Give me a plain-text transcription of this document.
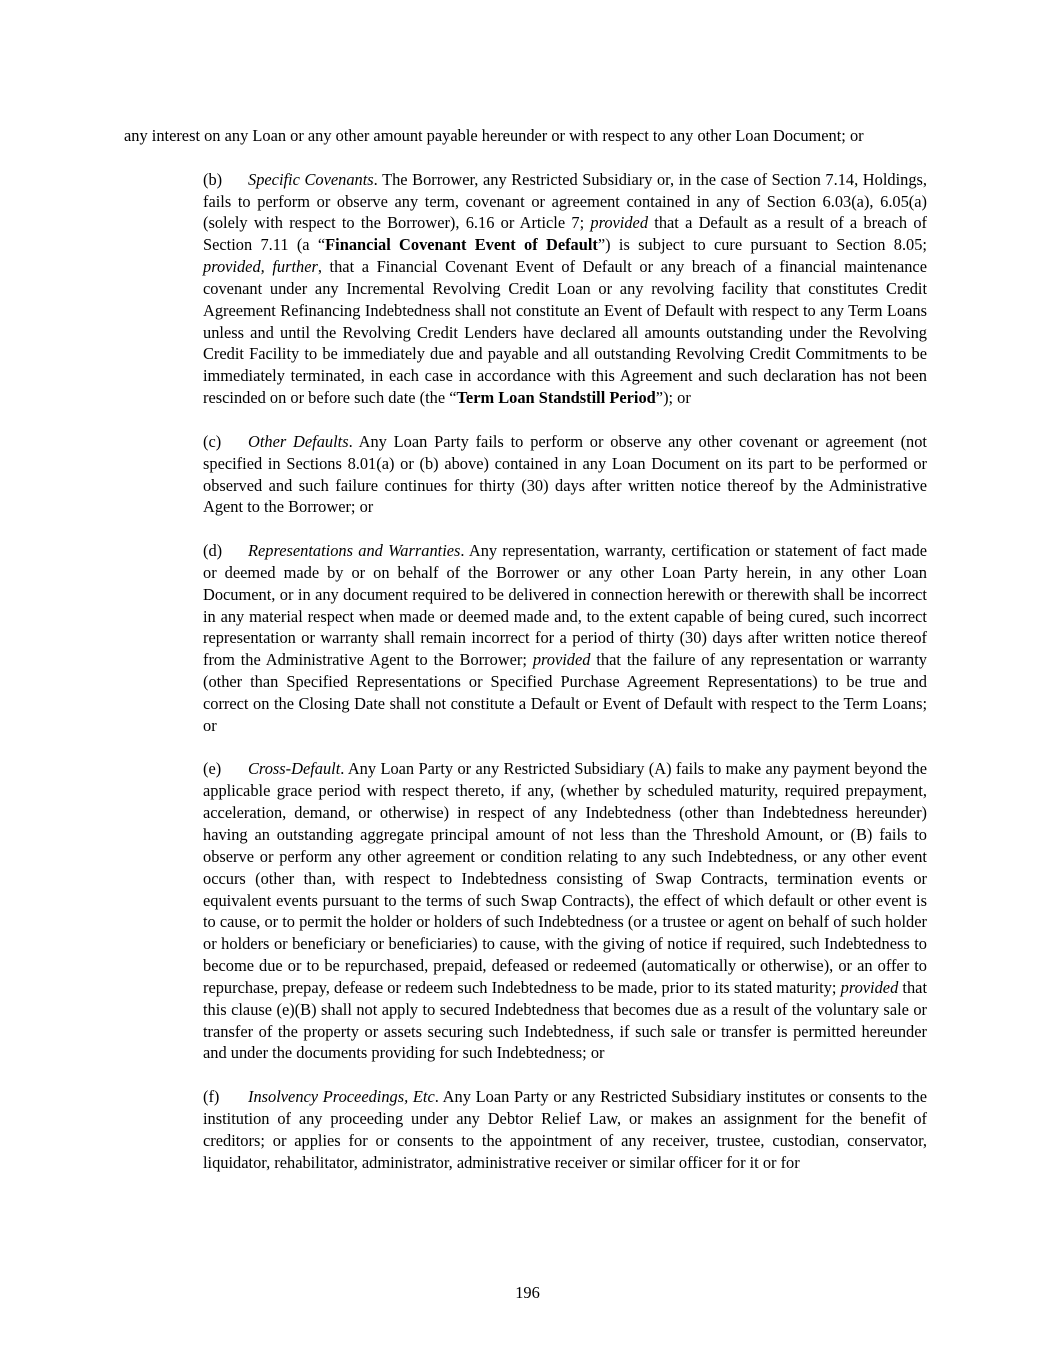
any interest on any Loan or any other amount payable hereunder or with respect to any other Loan Document; or

(b) Specific Covenants. The Borrower, any Restricted Subsidiary or, in the case of Section 7.14, Holdings, fails to perform or observe any term, covenant or agreement contained in any of Section 6.03(a), 6.05(a) (solely with respect to the Borrower), 6.16 or Article 7; provided that a Default as a result of a breach of Section 7.11 (a “Financial Covenant Event of Default”) is subject to cure pursuant to Section 8.05; provided, further, that a Financial Covenant Event of Default or any breach of a financial maintenance covenant under any Incremental Revolving Credit Loan or any revolving facility that constitutes Credit Agreement Refinancing Indebtedness shall not constitute an Event of Default with respect to any Term Loans unless and until the Revolving Credit Lenders have declared all amounts outstanding under the Revolving Credit Facility to be immediately due and payable and all outstanding Revolving Credit Commitments to be immediately terminated, in each case in accordance with this Agreement and such declaration has not been rescinded on or before such date (the “Term Loan Standstill Period”); or

(c) Other Defaults. Any Loan Party fails to perform or observe any other covenant or agreement (not specified in Sections 8.01(a) or (b) above) contained in any Loan Document on its part to be performed or observed and such failure continues for thirty (30) days after written notice thereof by the Administrative Agent to the Borrower; or

(d) Representations and Warranties. Any representation, warranty, certification or statement of fact made or deemed made by or on behalf of the Borrower or any other Loan Party herein, in any other Loan Document, or in any document required to be delivered in connection herewith or therewith shall be incorrect in any material respect when made or deemed made and, to the extent capable of being cured, such incorrect representation or warranty shall remain incorrect for a period of thirty (30) days after written notice thereof from the Administrative Agent to the Borrower; provided that the failure of any representation or warranty (other than Specified Representations or Specified Purchase Agreement Representations) to be true and correct on the Closing Date shall not constitute a Default or Event of Default with respect to the Term Loans; or

(e) Cross-Default. Any Loan Party or any Restricted Subsidiary (A) fails to make any payment beyond the applicable grace period with respect thereto, if any, (whether by scheduled maturity, required prepayment, acceleration, demand, or otherwise) in respect of any Indebtedness (other than Indebtedness hereunder) having an outstanding aggregate principal amount of not less than the Threshold Amount, or (B) fails to observe or perform any other agreement or condition relating to any such Indebtedness, or any other event occurs (other than, with respect to Indebtedness consisting of Swap Contracts, termination events or equivalent events pursuant to the terms of such Swap Contracts), the effect of which default or other event is to cause, or to permit the holder or holders of such Indebtedness (or a trustee or agent on behalf of such holder or holders or beneficiary or beneficiaries) to cause, with the giving of notice if required, such Indebtedness to become due or to be repurchased, prepaid, defeased or redeemed (automatically or otherwise), or an offer to repurchase, prepay, defease or redeem such Indebtedness to be made, prior to its stated maturity; provided that this clause (e)(B) shall not apply to secured Indebtedness that becomes due as a result of the voluntary sale or transfer of the property or assets securing such Indebtedness, if such sale or transfer is permitted hereunder and under the documents providing for such Indebtedness; or

(f) Insolvency Proceedings, Etc. Any Loan Party or any Restricted Subsidiary institutes or consents to the institution of any proceeding under any Debtor Relief Law, or makes an assignment for the benefit of creditors; or applies for or consents to the appointment of any receiver, trustee, custodian, conservator, liquidator, rehabilitator, administrator, administrative receiver or similar officer for it or for

196
